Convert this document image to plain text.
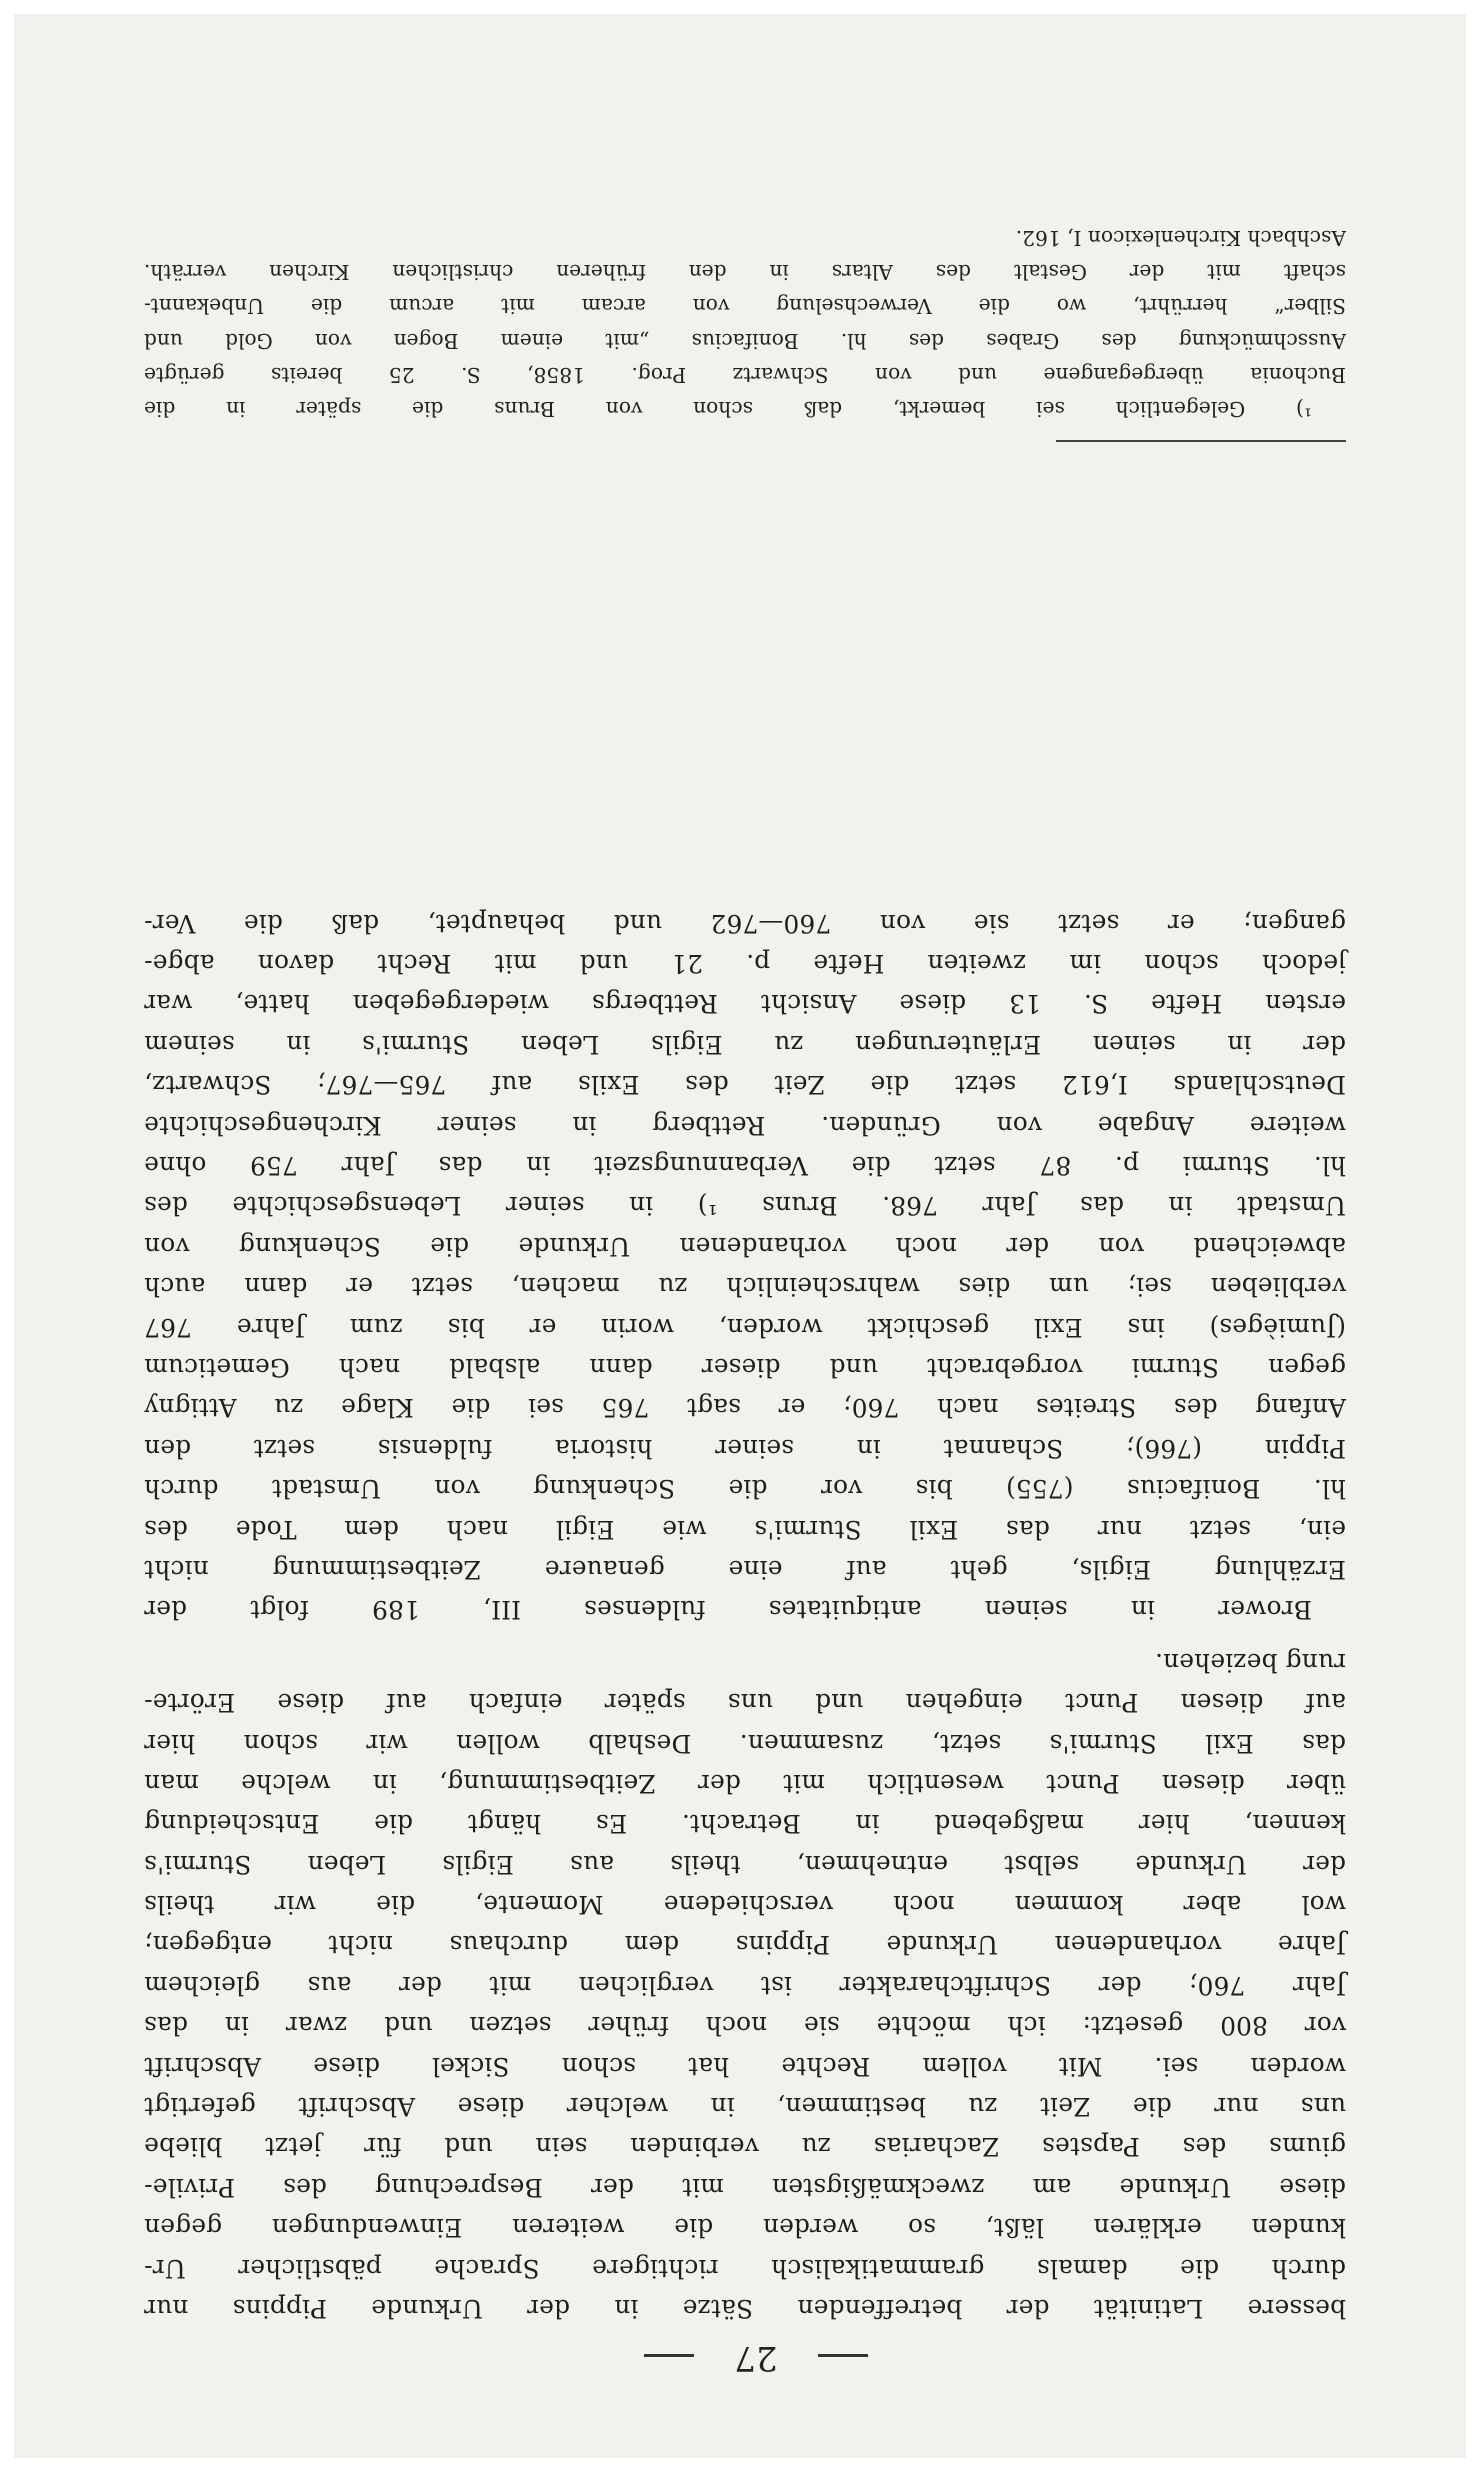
27
bessere Latinität der betreffenden Sätze in der Urkunde Pippins nur
durch die damals grammatikalisch richtigere Sprache päbstlicher Ur-
kunden erklären läßt, so werden die weiteren Einwendungen gegen
diese Urkunde am zweckmäßigsten mit der Besprechung des Privile-
giums des Papstes Zacharias zu verbinden sein und für jetzt bliebe
uns nur die Zeit zu bestimmen, in welcher diese Abschrift gefertigt
worden sei. Mit vollem Rechte hat schon Sickel diese Abschrift
vor 800 gesetzt: ich möchte sie noch früher setzen und zwar in das
Jahr 760; der Schriftcharakter ist verglichen mit der aus gleichem
Jahre vorhandenen Urkunde Pippins dem durchaus nicht entgegen;
wol aber kommen noch verschiedene Momente, die wir theils
der Urkunde selbst entnehmen, theils aus Eigils Leben Sturmi's
kennen, hier maßgebend in Betracht. Es hängt die Entscheidung
über diesen Punct wesentlich mit der Zeitbestimmung, in welche man
das Exil Sturmi's setzt, zusammen. Deshalb wollen wir schon hier
auf diesen Punct eingehen und uns später einfach auf diese Erörte-
rung beziehen.
Brower in seinen antiquitates fuldenses III, 189 folgt der
Erzählung Eigils, geht auf eine genauere Zeitbestimmung nicht
ein, setzt nur das Exil Sturmi's wie Eigil nach dem Tode des
hl. Bonifacius (755) bis vor die Schenkung von Umstadt durch
Pippin (766); Schannat in seiner historia fuldensis setzt den
Anfang des Streites nach 760; er sagt 765 sei die Klage zu Attigny
gegen Sturmi vorgebracht und dieser dann alsbald nach Gemeticum
(Jumièges) ins Exil geschickt worden, worin er bis zum Jahre 767
verblieben sei; um dies wahrscheinlich zu machen, setzt er dann auch
abweichend von der noch vorhandenen Urkunde die Schenkung von
Umstadt in das Jahr 768. Bruns ¹) in seiner Lebensgeschichte des
hl. Sturmi p. 87 setzt die Verbannungszeit in das Jahr 759 ohne
weitere Angabe von Gründen. Rettberg in seiner Kirchengeschichte
Deutschlands I,612 setzt die Zeit des Exils auf 765—767; Schwartz,
der in seinen Erläuterungen zu Eigils Leben Sturmi's in seinem
ersten Hefte S. 13 diese Ansicht Rettbergs wiedergegeben hatte, war
jedoch schon im zweiten Hefte p. 21 und mit Recht davon abge-
gangen; er setzt sie von 760—762 und behauptet, daß die Ver-
¹) Gelegentlich sei bemerkt, daß schon von Bruns die später in die
Buchonia übergegangene und von Schwartz Prog. 1858, S. 25 bereits gerügte
Ausschmückung des Grabes des hl. Bonifacius „mit einem Bogen von Gold und
Silber“ herrührt, wo die Verwechselung von arcam mit arcum die Unbekannt-
schaft mit der Gestalt des Altars in den früheren christlichen Kirchen verräth.
Aschbach Kirchenlexicon I, 162.
